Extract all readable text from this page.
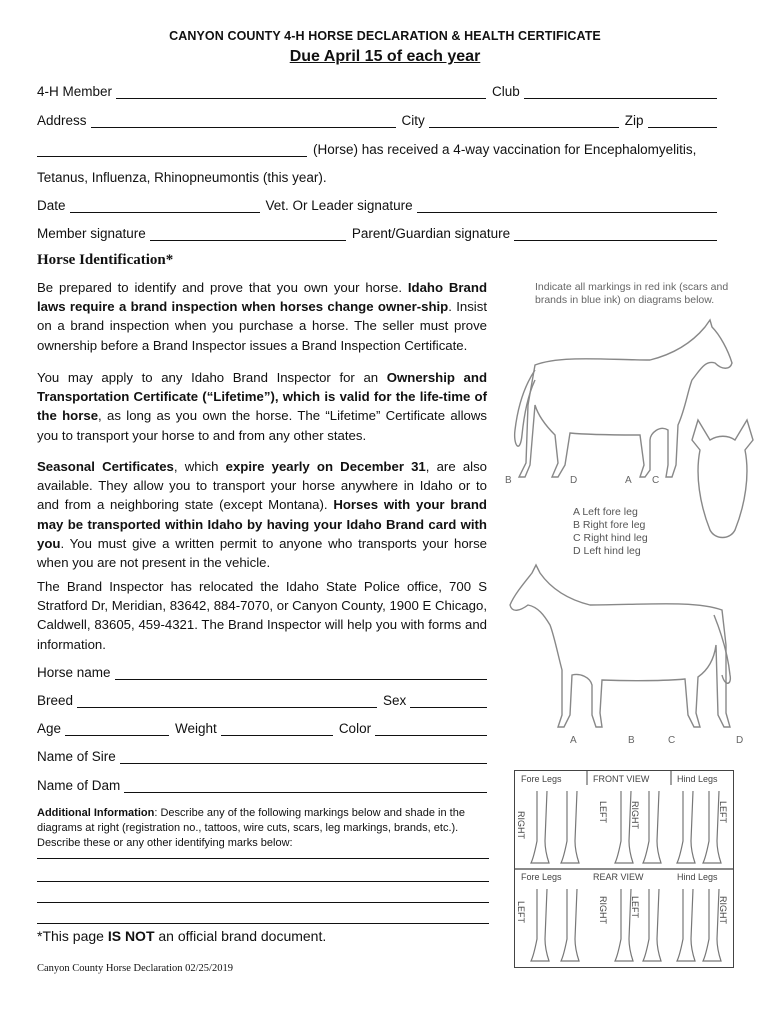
CANYON COUNTY 4-H HORSE DECLARATION & HEALTH CERTIFICATE
Due April 15 of each year
4-H Member	Club
Address	City	Zip
(Horse) has received a 4-way vaccination for Encephalomyelitis,
Tetanus, Influenza, Rhinopneumontis (this year).
Date	Vet. Or Leader signature
Member signature	Parent/Guardian signature
Horse Identification*
Be prepared to identify and prove that you own your horse. Idaho Brand laws require a brand inspection when horses change owner-ship. Insist on a brand inspection when you purchase a horse. The seller must prove ownership before a Brand Inspector issues a Brand Inspection Certificate.
You may apply to any Idaho Brand Inspector for an Ownership and Transportation Certificate (“Lifetime”), which is valid for the life-time of the horse, as long as you own the horse. The “Lifetime” Certificate allows you to transport your horse to and from any other states.
Seasonal Certificates, which expire yearly on December 31, are also available. They allow you to transport your horse anywhere in Idaho or to and from a neighboring state (except Montana). Horses with your brand may be transported within Idaho by having your Idaho Brand card with you. You must give a written permit to anyone who transports your horse when you are not present in the vehicle.
The Brand Inspector has relocated the Idaho State Police office, 700 S Stratford Dr, Meridian, 83642, 884-7070, or Canyon County, 1900 E Chicago, Caldwell, 83605, 459-4321. The Brand Inspector will help you with forms and information.
Horse name
Breed	Sex
Age	Weight	Color
Name of Sire
Name of Dam
Additional Information: Describe any of the following markings below and shade in the diagrams at right (registration no., tattoos, wire cuts, scars, leg markings, brands, etc.). Describe these or any other identifying marks below:
*This page IS NOT an official brand document.
Canyon County Horse Declaration 02/25/2019
Indicate all markings in red ink (scars and brands in blue ink) on diagrams below.
B	D	A C
A	B	C	D
A Left fore leg
B Right fore leg
C Right hind leg
D Left hind leg
Fore Legs	FRONT VIEW	Hind Legs
Fore Legs	REAR VIEW	Hind Legs
RIGHT	LEFT RIGHT	LEFT
LEFT	RIGHT LEFT	RIGHT
